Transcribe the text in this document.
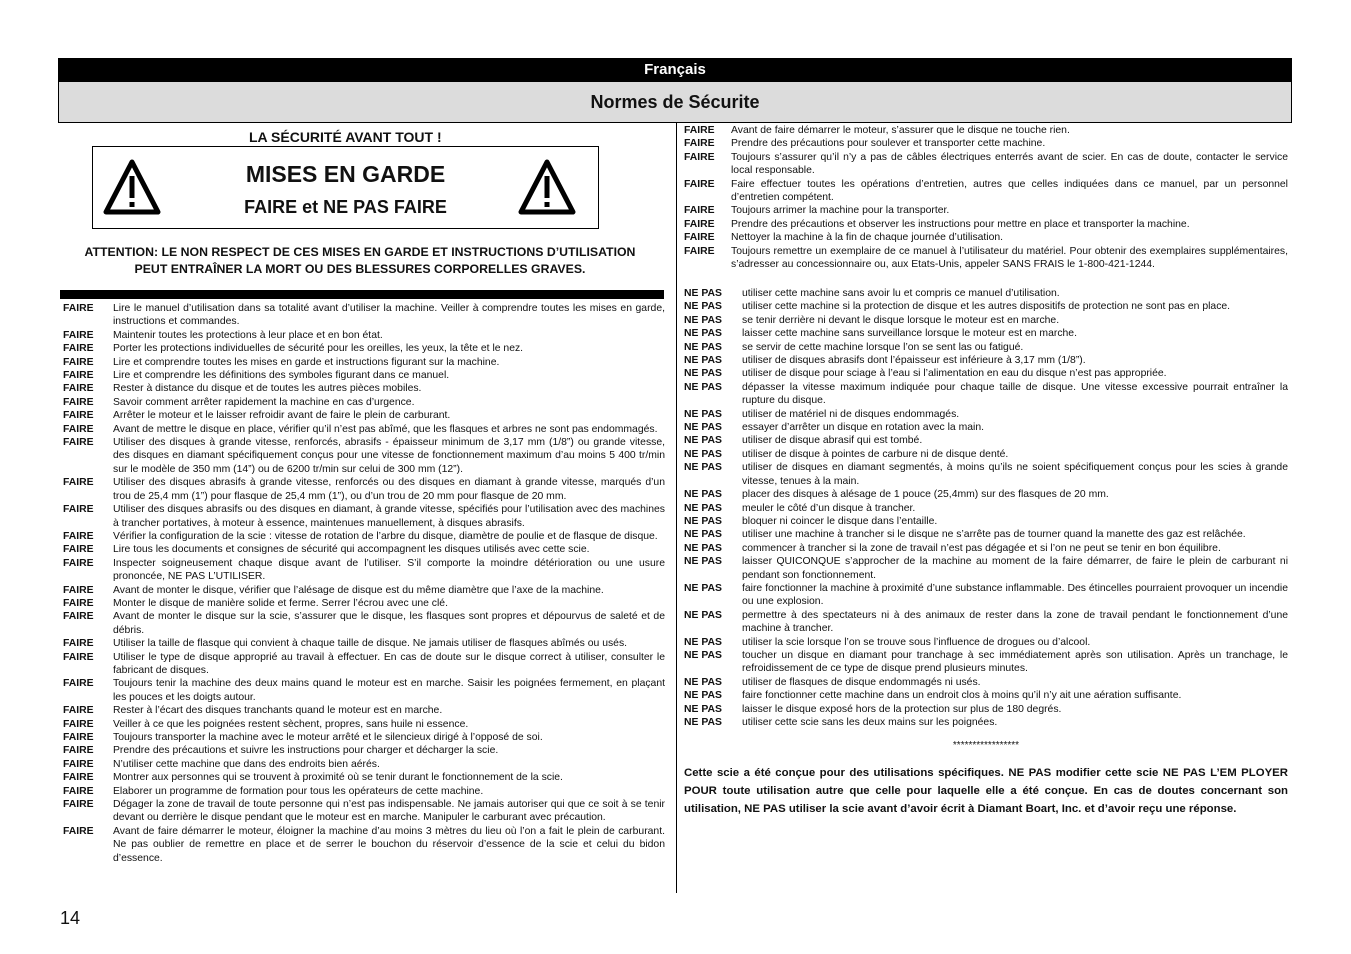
Français
Normes de Sécurite
LA SÉCURITÉ AVANT TOUT !
MISES EN GARDE
FAIRE et NE PAS FAIRE
ATTENTION: LE NON RESPECT DE CES MISES EN GARDE ET INSTRUCTIONS D’UTILISATION
PEUT ENTRAÎNER LA MORT OU DES BLESSURES CORPORELLES GRAVES.
FAIRE	Lire le manuel d’utilisation dans sa totalité avant d’utiliser la machine. Veiller à comprendre toutes les mises en garde, instructions et commandes.
FAIRE	Maintenir toutes les protections à leur place et en bon état.
FAIRE	Porter les protections individuelles de sécurité pour les oreilles, les yeux, la tête et le nez.
FAIRE	Lire et comprendre toutes les mises en garde et instructions figurant sur la machine.
FAIRE	Lire et comprendre les définitions des symboles figurant dans ce manuel.
FAIRE	Rester à distance du disque et de toutes les autres pièces mobiles.
FAIRE	Savoir comment arrêter rapidement la machine en cas d’urgence.
FAIRE	Arrêter le moteur et le laisser refroidir avant de faire le plein de carburant.
FAIRE	Avant de mettre le disque en place, vérifier qu’il n’est pas abîmé, que les flasques et arbres ne sont pas endommagés.
FAIRE	Utiliser des disques à grande vitesse, renforcés, abrasifs - épaisseur minimum de 3,17 mm (1/8”) ou grande vitesse, des disques en diamant spécifiquement conçus pour une vitesse de fonctionnement maximum d’au moins 5 400 tr/min sur le modèle de 350 mm (14”) ou de 6200 tr/min sur celui de 300 mm (12”).
FAIRE	Utiliser des disques abrasifs à grande vitesse, renforcés ou des disques en diamant à grande vitesse, marqués d’un trou de 25,4 mm (1”) pour flasque de 25,4 mm (1”), ou d’un trou de 20 mm pour flasque de 20 mm.
FAIRE	Utiliser des disques abrasifs ou des disques en diamant, à grande vitesse, spécifiés pour l’utilisation avec des machines à trancher portatives, à moteur à essence, maintenues manuellement, à disques abrasifs.
FAIRE	Vérifier la configuration de la scie : vitesse de rotation de l’arbre du disque, diamètre de poulie et de flasque de disque.
FAIRE	Lire tous les documents et consignes de sécurité qui accompagnent les disques utilisés avec cette scie.
FAIRE	Inspecter soigneusement chaque disque avant de l’utiliser. S’il comporte la moindre détérioration ou une usure prononcée, NE PAS L’UTILISER.
FAIRE	Avant de monter le disque, vérifier que l’alésage de disque est du même diamètre que l’axe de la machine.
FAIRE	Monter le disque de manière solide et ferme. Serrer l’écrou avec une clé.
FAIRE	Avant de monter le disque sur la scie, s’assurer que le disque, les flasques sont propres et dépourvus de saleté et de débris.
FAIRE	Utiliser la taille de flasque qui convient à chaque taille de disque. Ne jamais utiliser de flasques abîmés ou usés.
FAIRE	Utiliser le type de disque approprié au travail à effectuer. En cas de doute sur le disque correct à utiliser, consulter le fabricant de disques.
FAIRE	Toujours tenir la machine des deux mains quand le moteur est en marche. Saisir les poignées fermement, en plaçant les pouces et les doigts autour.
FAIRE	Rester à l’écart des disques tranchants quand le moteur est en marche.
FAIRE	Veiller à ce que les poignées restent sèchent, propres, sans huile ni essence.
FAIRE	Toujours transporter la machine avec le moteur arrêté et le silencieux dirigé à l’opposé de soi.
FAIRE	Prendre des précautions et suivre les instructions pour charger et décharger la scie.
FAIRE	N’utiliser cette machine que dans des endroits bien aérés.
FAIRE	Montrer aux personnes qui se trouvent à proximité où se tenir durant le fonctionnement de la scie.
FAIRE	Elaborer un programme de formation pour tous les opérateurs de cette machine.
FAIRE	Dégager la zone de travail de toute personne qui n’est pas indispensable. Ne jamais autoriser qui que ce soit à se tenir devant ou derrière le disque pendant que le moteur est en marche. Manipuler le carburant avec précaution.
FAIRE	Avant de faire démarrer le moteur, éloigner la machine d’au moins 3 mètres du lieu où l’on a fait le plein de carburant. Ne pas oublier de remettre en place et de serrer le bouchon du réservoir d’essence de la scie et celui du bidon d’essence.
FAIRE	Avant de faire démarrer le moteur, s’assurer que le disque ne touche rien.
FAIRE	Prendre des précautions pour soulever et transporter cette machine.
FAIRE	Toujours s’assurer qu’il n’y a pas de câbles électriques enterrés avant de scier. En cas de doute, contacter le service local responsable.
FAIRE	Faire effectuer toutes les opérations d’entretien, autres que celles indiquées dans ce manuel, par un personnel d’entretien compétent.
FAIRE	Toujours arrimer la machine pour la transporter.
FAIRE	Prendre des précautions et observer les instructions pour mettre en place et transporter la machine.
FAIRE	Nettoyer la machine à la fin de chaque journée d’utilisation.
FAIRE	Toujours remettre un exemplaire de ce manuel à l’utilisateur du matériel. Pour obtenir des exemplaires supplémentaires, s’adresser au concessionnaire ou, aux Etats-Unis, appeler SANS FRAIS le 1-800-421-1244.
NE PAS	utiliser cette machine sans avoir lu et compris ce manuel d’utilisation.
NE PAS	utiliser cette machine si la protection de disque et les autres dispositifs de protection ne sont pas en place.
NE PAS	se tenir derrière ni devant le disque lorsque le moteur est en marche.
NE PAS	laisser cette machine sans surveillance lorsque le moteur est en marche.
NE PAS	se servir de cette machine lorsque l’on se sent las ou fatigué.
NE PAS	utiliser de disques abrasifs dont l’épaisseur est inférieure à 3,17 mm (1/8”).
NE PAS	utiliser de disque pour sciage à l’eau si l’alimentation en eau du disque n’est pas appropriée.
NE PAS	dépasser la vitesse maximum indiquée pour chaque taille de disque. Une vitesse excessive pourrait entraîner la rupture du disque.
NE PAS	utiliser de matériel ni de disques endommagés.
NE PAS	essayer d’arrêter un disque en rotation avec la main.
NE PAS	utiliser de disque abrasif qui est tombé.
NE PAS	utiliser de disque à pointes de carbure ni de disque denté.
NE PAS	utiliser de disques en diamant segmentés, à moins qu’ils ne soient spécifiquement conçus pour les scies à grande vitesse, tenues à la main.
NE PAS	placer des disques à alésage de 1 pouce (25,4mm) sur des flasques de 20 mm.
NE PAS	meuler le côté d’un disque à trancher.
NE PAS	bloquer ni coincer le disque dans l’entaille.
NE PAS	utiliser une machine à trancher si le disque ne s’arrête pas de tourner quand la manette des gaz est relâchée.
NE PAS	commencer à trancher si la zone de travail n’est pas dégagée et si l’on ne peut se tenir en bon équilibre.
NE PAS	laisser QUICONQUE s’approcher de la machine au moment de la faire démarrer, de faire le plein de carburant ni pendant son fonctionnement.
NE PAS	faire fonctionner la machine à proximité d’une substance inflammable. Des étincelles pourraient provoquer un incendie ou une explosion.
NE PAS	permettre à des spectateurs ni à des animaux de rester dans la zone de travail pendant le fonctionnement d’une machine à trancher.
NE PAS	utiliser la scie lorsque l’on se trouve sous l’influence de drogues ou d’alcool.
NE PAS	toucher un disque en diamant pour tranchage à sec immédiatement après son utilisation. Après un tranchage, le refroidissement de ce type de disque prend plusieurs minutes.
NE PAS	utiliser de flasques de disque endommagés ni usés.
NE PAS	faire fonctionner cette machine dans un endroit clos à moins qu’il n’y ait une aération suffisante.
NE PAS	laisser le disque exposé hors de la protection sur plus de 180 degrés.
NE PAS	utiliser cette scie sans les deux mains sur les poignées.
*****************
Cette scie a été conçue pour des utilisations spécifiques. NE PAS modifier cette scie NE PAS L’EM PLOYER POUR toute utilisation autre que celle pour laquelle elle a été conçue. En cas de doutes concernant son utilisation, NE PAS utiliser la scie avant d’avoir écrit à Diamant Boart, Inc. et d’avoir reçu une réponse.
14
